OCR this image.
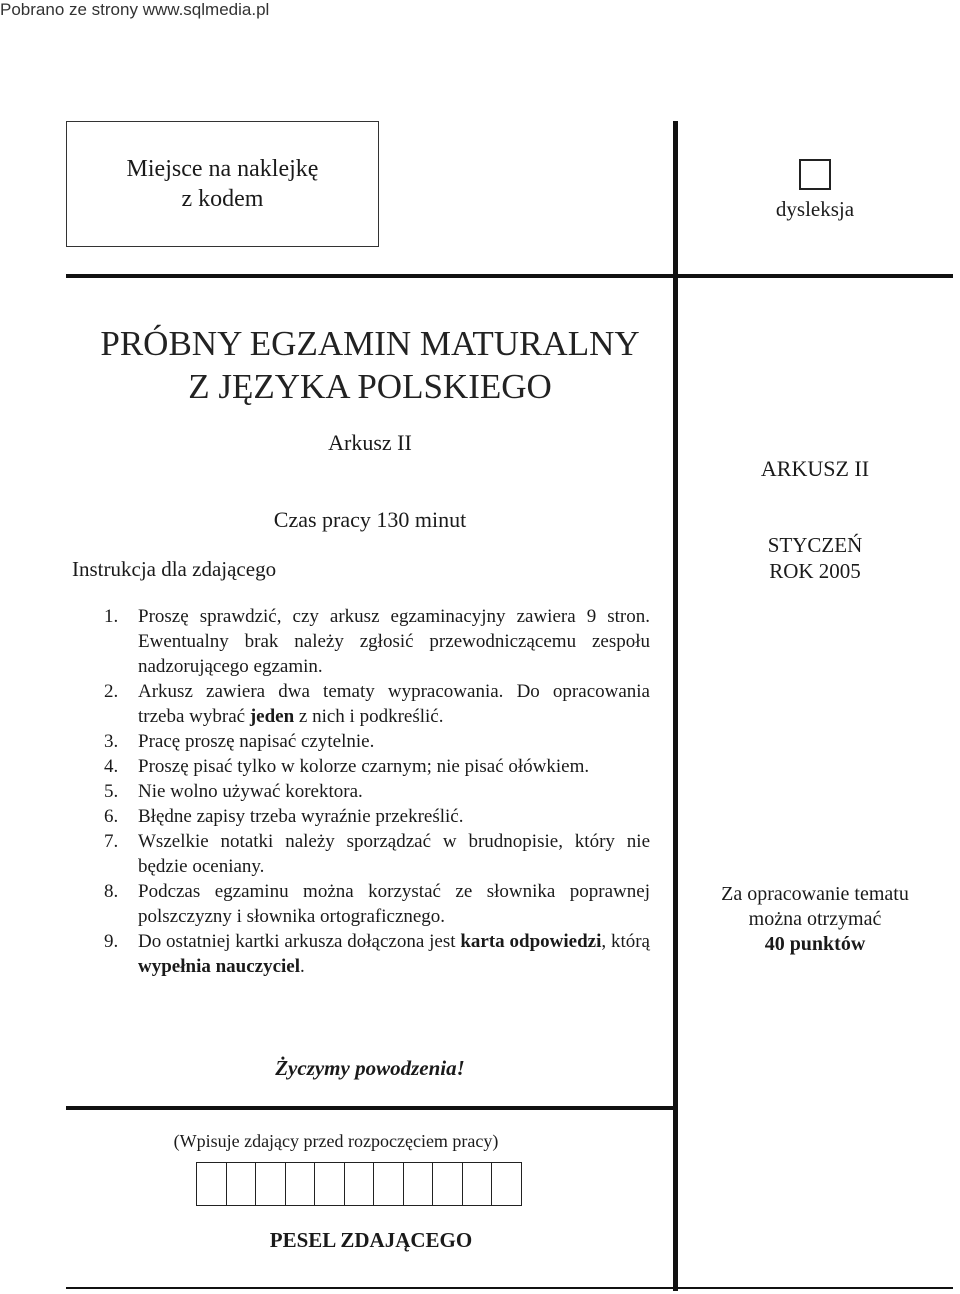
Pobrano ze strony www.sqlmedia.pl
Miejsce na naklejkę
z kodem	dysleksja
PRÓBNY EGZAMIN MATURALNY
Z JĘZYKA POLSKIEGO
Arkusz II
Czas pracy 130 minut
Instrukcja dla zdającego
ARKUSZ II
STYCZEŃ
ROK 2005
1. Proszę sprawdzić, czy arkusz egzaminacyjny zawiera 9 stron. Ewentualny brak należy zgłosić przewodniczącemu zespołu nadzorującego egzamin.
2. Arkusz zawiera dwa tematy wypracowania. Do opracowania trzeba wybrać jeden z nich i podkreślić.
3. Pracę proszę napisać czytelnie.
4. Proszę pisać tylko w kolorze czarnym; nie pisać ołówkiem.
5. Nie wolno używać korektora.
6. Błędne zapisy trzeba wyraźnie przekreślić.
7. Wszelkie notatki należy sporządzać w brudnopisie, który nie będzie oceniany.
8. Podczas egzaminu można korzystać ze słownika poprawnej polszczyzny i słownika ortograficznego.
9. Do ostatniej kartki arkusza dołączona jest karta odpowiedzi, którą wypełnia nauczyciel.
Za opracowanie tematu
można otrzymać
40 punktów
Życzymy powodzenia!
(Wpisuje zdający przed rozpoczęciem pracy)
PESEL ZDAJĄCEGO
